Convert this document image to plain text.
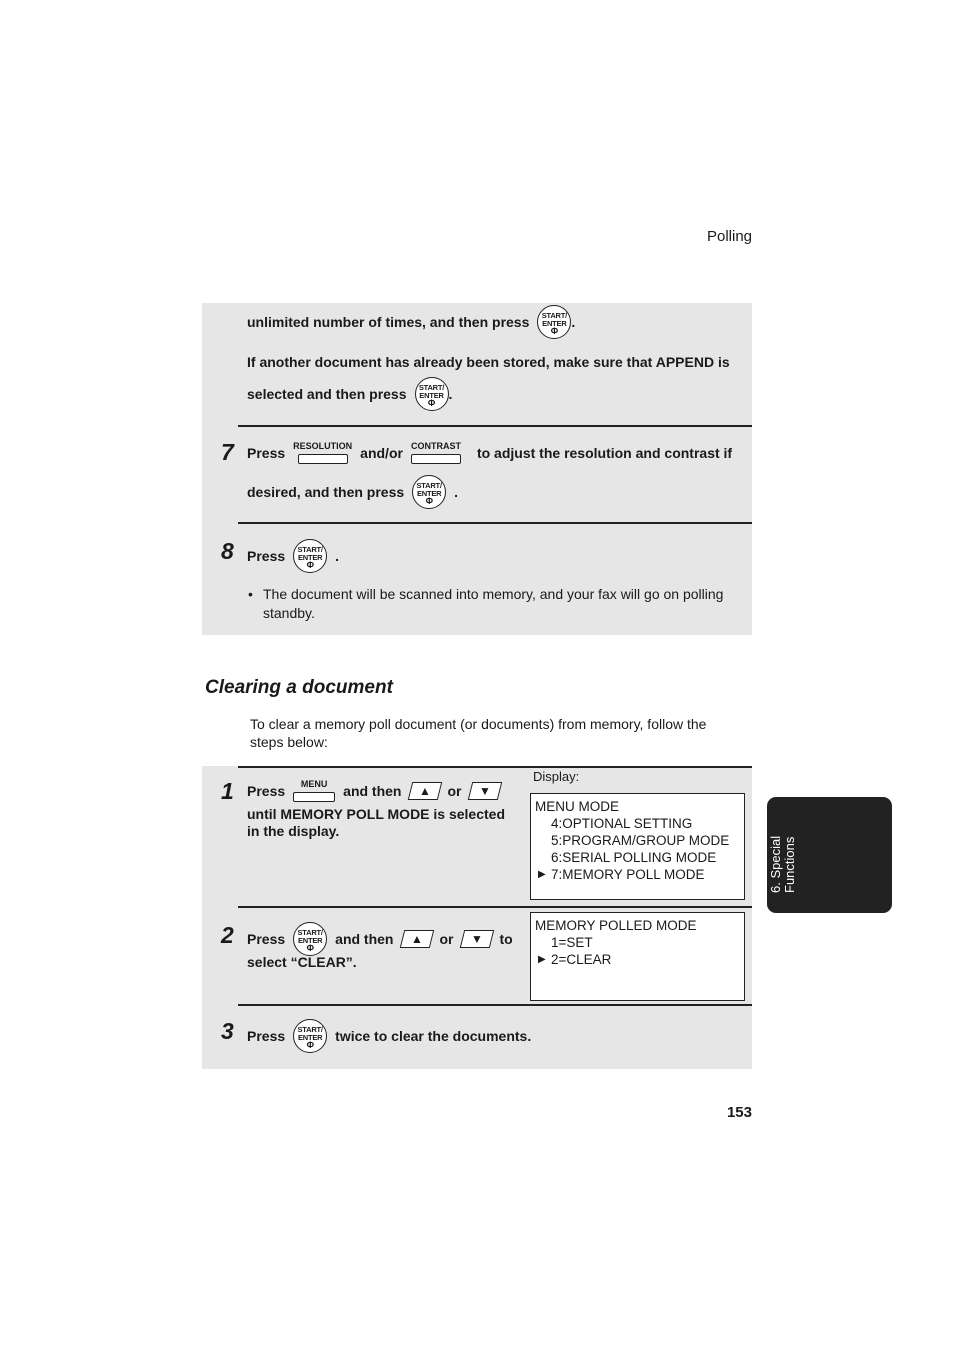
Polling
unlimited number of times, and then press	START/
ENTER
Φ
.
If another document has already been stored, make sure that APPEND is
selected and then press	START/
ENTER
Φ
.
7 Press RESOLUTION and/or CONTRAST to adjust the resolution and contrast if
desired, and then press	START/
ENTER
Φ
.
8 Press	START/
ENTER
Φ
.
• The document will be scanned into memory, and your fax will go on polling
standby.
Clearing a document
To clear a memory poll document (or documents) from memory, follow the
steps below:
Display:
1 Press MENU and then	▲	or	▼
until MEMORY POLL MODE is selected
in the display.
MENU MODE
4:OPTIONAL SETTING
5:PROGRAM/GROUP MODE
6:SERIAL POLLING MODE
▶ 7:MEMORY POLL MODE
2 Press	START/
ENTER
Φ
and then	▲	or	▼	to
select “CLEAR”.
MEMORY POLLED MODE
1=SET
▶ 2=CLEAR
3 Press	START/
ENTER
Φ
twice to clear the documents.
6. Special Functions
153
